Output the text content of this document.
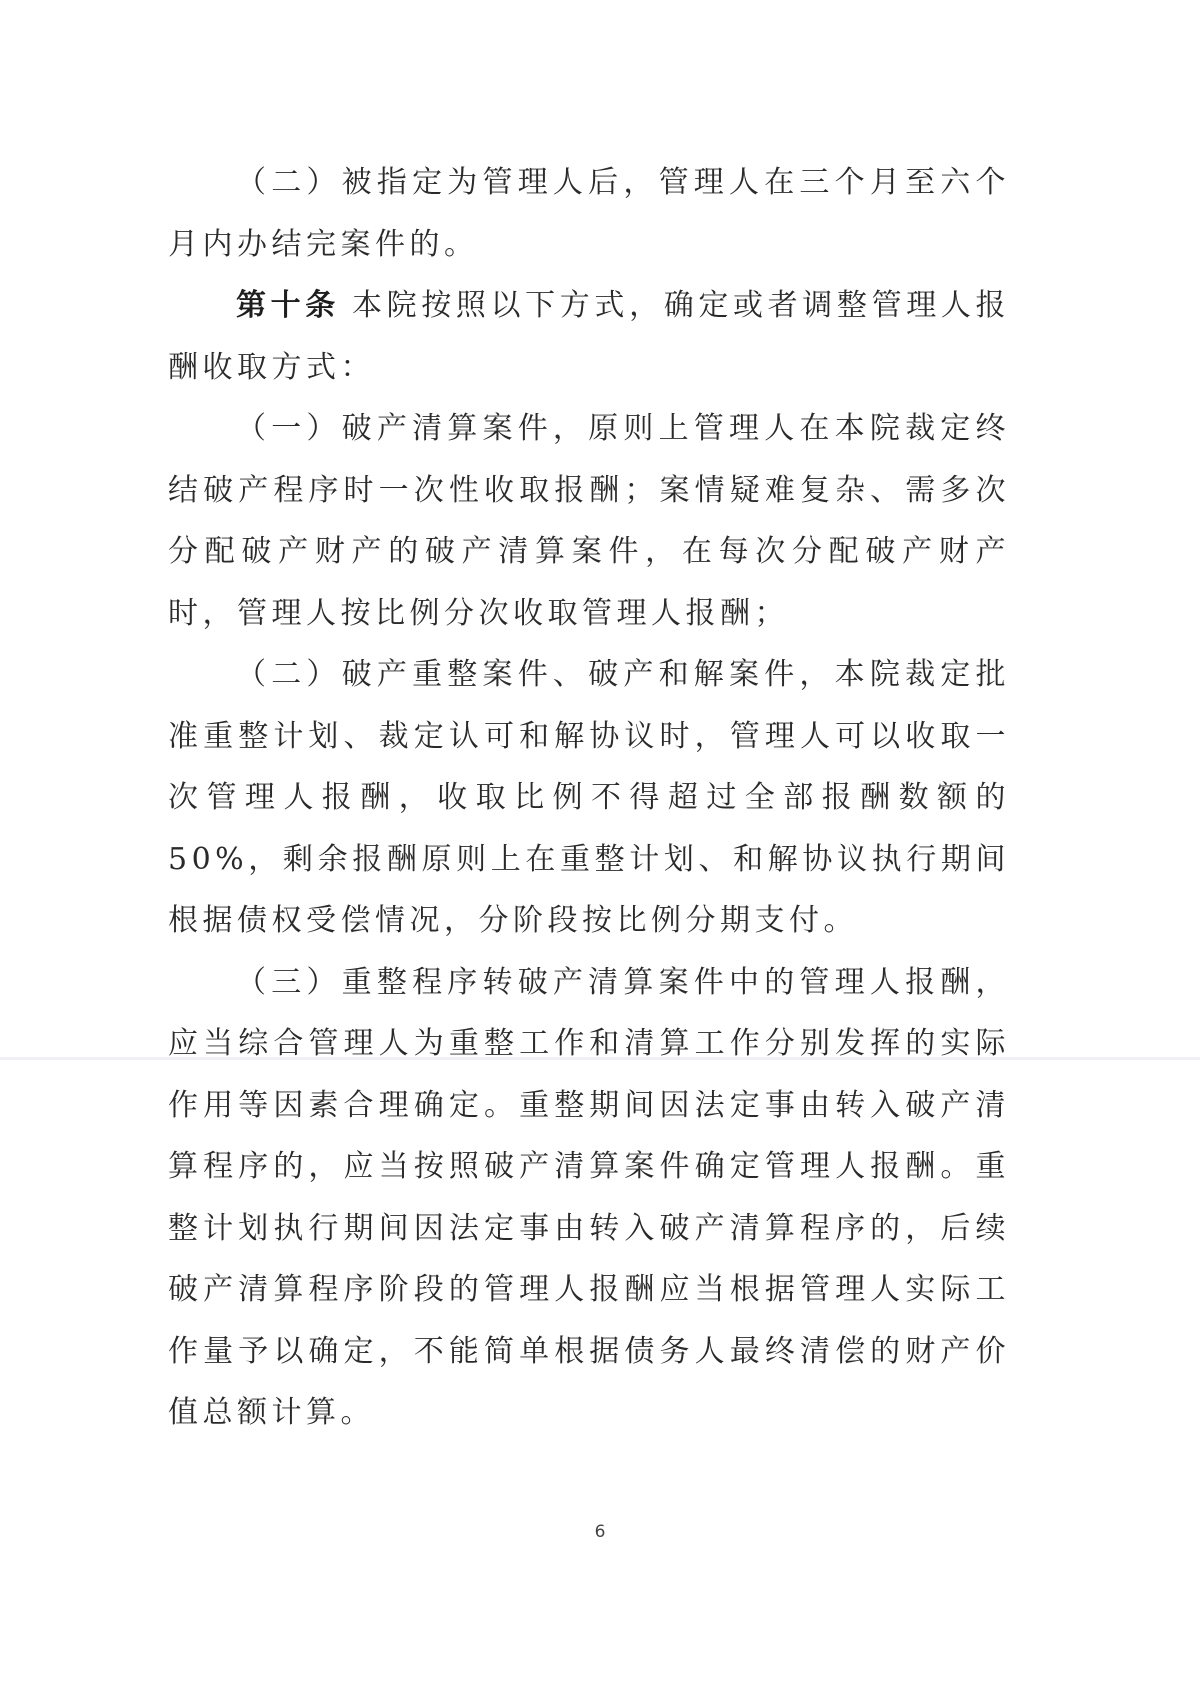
（二）被指定为管理人后，管理人在三个月至六个月内办结完案件的。

第十条 本院按照以下方式，确定或者调整管理人报酬收取方式：

（一）破产清算案件，原则上管理人在本院裁定终结破产程序时一次性收取报酬；案情疑难复杂、需多次分配破产财产的破产清算案件，在每次分配破产财产时，管理人按比例分次收取管理人报酬；

（二）破产重整案件、破产和解案件，本院裁定批准重整计划、裁定认可和解协议时，管理人可以收取一次管理人报酬，收取比例不得超过全部报酬数额的50%，剩余报酬原则上在重整计划、和解协议执行期间根据债权受偿情况，分阶段按比例分期支付。

（三）重整程序转破产清算案件中的管理人报酬，应当综合管理人为重整工作和清算工作分别发挥的实际作用等因素合理确定。重整期间因法定事由转入破产清算程序的，应当按照破产清算案件确定管理人报酬。重整计划执行期间因法定事由转入破产清算程序的，后续破产清算程序阶段的管理人报酬应当根据管理人实际工作量予以确定，不能简单根据债务人最终清偿的财产价值总额计算。

6
